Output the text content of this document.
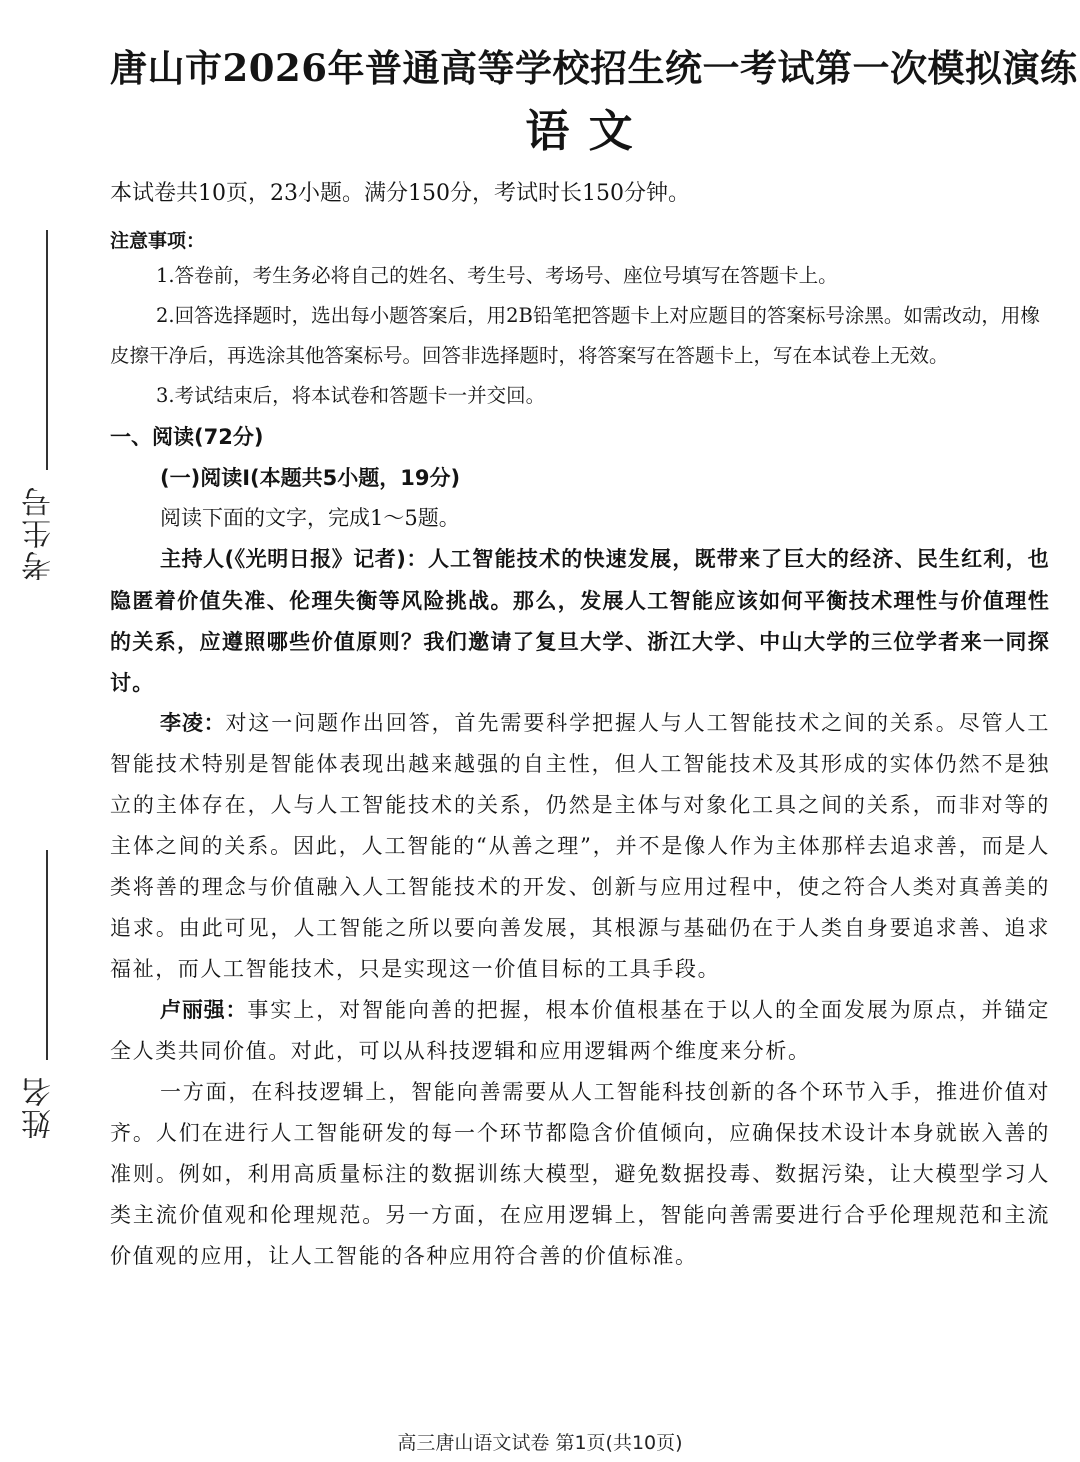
考生号
姓名
唐山市2026年普通高等学校招生统一考试第一次模拟演练
语 文
本试卷共10页，23小题。满分150分，考试时长150分钟。
注意事项：

1.答卷前，考生务必将自己的姓名、考生号、考场号、座位号填写在答题卡上。

2.回答选择题时，选出每小题答案后，用2B铅笔把答题卡上对应题目的答案标号涂黑。如需改动，用橡皮擦干净后，再选涂其他答案标号。回答非选择题时，将答案写在答题卡上，写在本试卷上无效。

3.考试结束后，将本试卷和答题卡一并交回。

一、阅读(72分)
(一)阅读Ⅰ(本题共5小题，19分)
阅读下面的文字，完成1～5题。

主持人(《光明日报》记者)：人工智能技术的快速发展，既带来了巨大的经济、民生红利，也隐匿着价值失准、伦理失衡等风险挑战。那么，发展人工智能应该如何平衡技术理性与价值理性的关系，应遵照哪些价值原则？我们邀请了复旦大学、浙江大学、中山大学的三位学者来一同探讨。

李凌：对这一问题作出回答，首先需要科学把握人与人工智能技术之间的关系。尽管人工智能技术特别是智能体表现出越来越强的自主性，但人工智能技术及其形成的实体仍然不是独立的主体存在，人与人工智能技术的关系，仍然是主体与对象化工具之间的关系，而非对等的主体之间的关系。因此，人工智能的“从善之理”，并不是像人作为主体那样去追求善，而是人类将善的理念与价值融入人工智能技术的开发、创新与应用过程中，使之符合人类对真善美的追求。由此可见，人工智能之所以要向善发展，其根源与基础仍在于人类自身要追求善、追求福祉，而人工智能技术，只是实现这一价值目标的工具手段。

卢丽强：事实上，对智能向善的把握，根本价值根基在于以人的全面发展为原点，并锚定全人类共同价值。对此，可以从科技逻辑和应用逻辑两个维度来分析。

一方面，在科技逻辑上，智能向善需要从人工智能科技创新的各个环节入手，推进价值对齐。人们在进行人工智能研发的每一个环节都隐含价值倾向，应确保技术设计本身就嵌入善的准则。例如，利用高质量标注的数据训练大模型，避免数据投毒、数据污染，让大模型学习人类主流价值观和伦理规范。另一方面，在应用逻辑上，智能向善需要进行合乎伦理规范和主流价值观的应用，让人工智能的各种应用符合善的价值标准。

高三唐山语文试卷 第1页(共10页)
